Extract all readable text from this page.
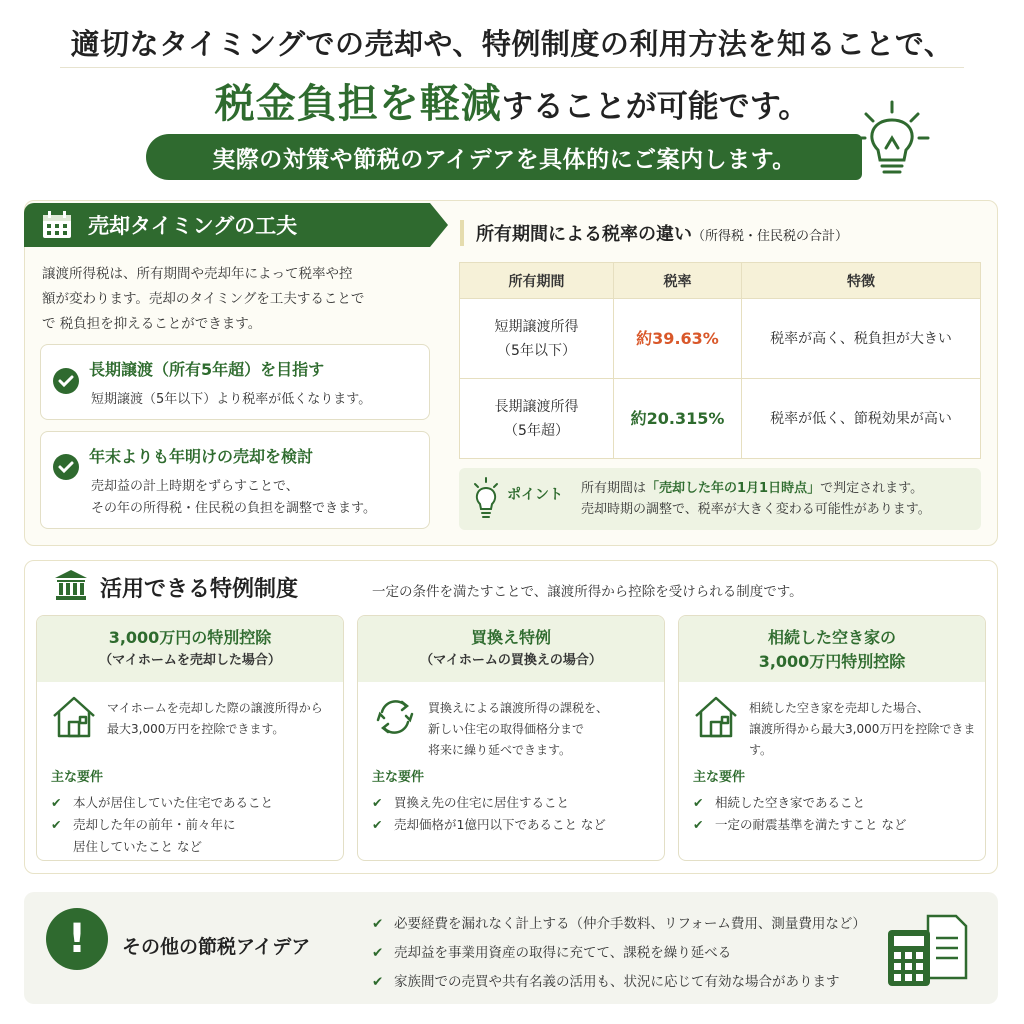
適切なタイミングでの売却や、特例制度の利用方法を知ることで、
税金負担を軽減することが可能です。
実際の対策や節税のアイデアを具体的にご案内します。
売却タイミングの工夫
譲渡所得税は、所有期間や売却年によって税率や控
額が変わります。売却のタイミングを工夫することで
で 税負担を抑えることができます。
長期譲渡（所有5年超）を目指す
短期譲渡（5年以下）より税率が低くなります。
年末よりも年明けの売却を検討
売却益の計上時期をずらすことで、
その年の所得税・住民税の負担を調整できます。
所有期間による税率の違い（所得税・住民税の合計）
所有期間	税率	特徴

短期譲渡所得
（5年以下）	約39.63%	税率が高く、税負担が大きい

長期譲渡所得
（5年超）	約20.315%	税率が低く、節税効果が高い
ポイント 所有期間は「売却した年の1月1日時点」で判定されます。
売却時期の調整で、税率が大きく変わる可能性があります。
活用できる特例制度	一定の条件を満たすことで、譲渡所得から控除を受けられる制度です。
3,000万円の特別控除
（マイホームを売却した場合）
マイホームを売却した際の譲渡所得から
最大3,000万円を控除できます。
主な要件
✔ 本人が居住していた住宅であること
✔ 売却した年の前年・前々年に
居住していたこと など
買換え特例
（マイホームの買換えの場合）
買換えによる譲渡所得の課税を、
新しい住宅の取得価格分まで
将来に繰り延べできます。
主な要件
✔ 買換え先の住宅に居住すること
✔ 売却価格が1億円以下であること など
相続した空き家の
3,000万円特別控除
相続した空き家を売却した場合、
譲渡所得から最大3,000万円を控除できます。
主な要件
✔ 相続した空き家であること
✔ 一定の耐震基準を満たすこと など
!	その他の節税アイデア
✔ 必要経費を漏れなく計上する（仲介手数料、リフォーム費用、測量費用など）
✔ 売却益を事業用資産の取得に充てて、課税を繰り延べる
✔ 家族間での売買や共有名義の活用も、状況に応じて有効な場合があります
